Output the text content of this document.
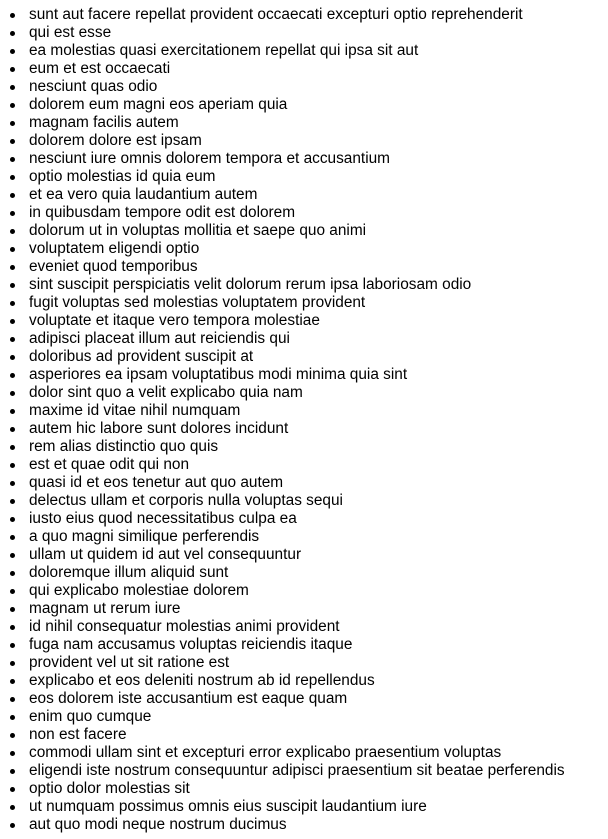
sunt aut facere repellat provident occaecati excepturi optio reprehenderit
qui est esse
ea molestias quasi exercitationem repellat qui ipsa sit aut
eum et est occaecati
nesciunt quas odio
dolorem eum magni eos aperiam quia
magnam facilis autem
dolorem dolore est ipsam
nesciunt iure omnis dolorem tempora et accusantium
optio molestias id quia eum
et ea vero quia laudantium autem
in quibusdam tempore odit est dolorem
dolorum ut in voluptas mollitia et saepe quo animi
voluptatem eligendi optio
eveniet quod temporibus
sint suscipit perspiciatis velit dolorum rerum ipsa laboriosam odio
fugit voluptas sed molestias voluptatem provident
voluptate et itaque vero tempora molestiae
adipisci placeat illum aut reiciendis qui
doloribus ad provident suscipit at
asperiores ea ipsam voluptatibus modi minima quia sint
dolor sint quo a velit explicabo quia nam
maxime id vitae nihil numquam
autem hic labore sunt dolores incidunt
rem alias distinctio quo quis
est et quae odit qui non
quasi id et eos tenetur aut quo autem
delectus ullam et corporis nulla voluptas sequi
iusto eius quod necessitatibus culpa ea
a quo magni similique perferendis
ullam ut quidem id aut vel consequuntur
doloremque illum aliquid sunt
qui explicabo molestiae dolorem
magnam ut rerum iure
id nihil consequatur molestias animi provident
fuga nam accusamus voluptas reiciendis itaque
provident vel ut sit ratione est
explicabo et eos deleniti nostrum ab id repellendus
eos dolorem iste accusantium est eaque quam
enim quo cumque
non est facere
commodi ullam sint et excepturi error explicabo praesentium voluptas
eligendi iste nostrum consequuntur adipisci praesentium sit beatae perferendis
optio dolor molestias sit
ut numquam possimus omnis eius suscipit laudantium iure
aut quo modi neque nostrum ducimus
